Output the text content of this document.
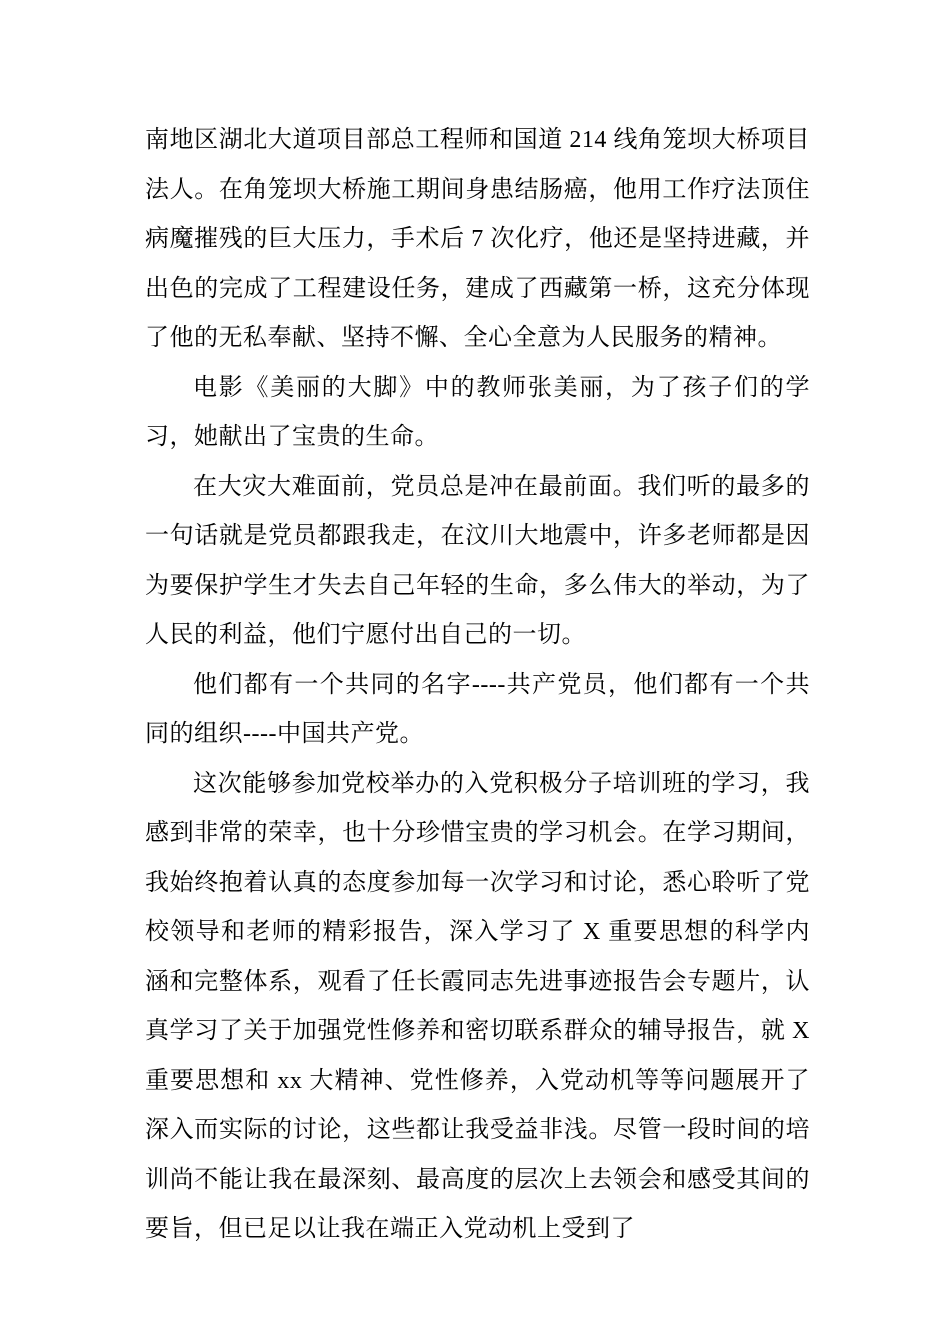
南地区湖北大道项目部总工程师和国道 214 线角笼坝大桥项目法人。在角笼坝大桥施工期间身患结肠癌，他用工作疗法顶住病魔摧残的巨大压力，手术后 7 次化疗，他还是坚持进藏，并出色的完成了工程建设任务，建成了西藏第一桥，这充分体现了他的无私奉献、坚持不懈、全心全意为人民服务的精神。

电影《美丽的大脚》中的教师张美丽，为了孩子们的学习，她献出了宝贵的生命。

在大灾大难面前，党员总是冲在最前面。我们听的最多的一句话就是党员都跟我走，在汶川大地震中，许多老师都是因为要保护学生才失去自己年轻的生命，多么伟大的举动，为了人民的利益，他们宁愿付出自己的一切。

他们都有一个共同的名字----共产党员，他们都有一个共同的组织----中国共产党。

这次能够参加党校举办的入党积极分子培训班的学习，我感到非常的荣幸，也十分珍惜宝贵的学习机会。在学习期间，我始终抱着认真的态度参加每一次学习和讨论，悉心聆听了党校领导和老师的精彩报告，深入学习了 X 重要思想的科学内涵和完整体系，观看了任长霞同志先进事迹报告会专题片，认真学习了关于加强党性修养和密切联系群众的辅导报告，就 X 重要思想和 xx 大精神、党性修养，入党动机等等问题展开了深入而实际的讨论，这些都让我受益非浅。尽管一段时间的培训尚不能让我在最深刻、最高度的层次上去领会和感受其间的要旨，但已足以让我在端正入党动机上受到了
